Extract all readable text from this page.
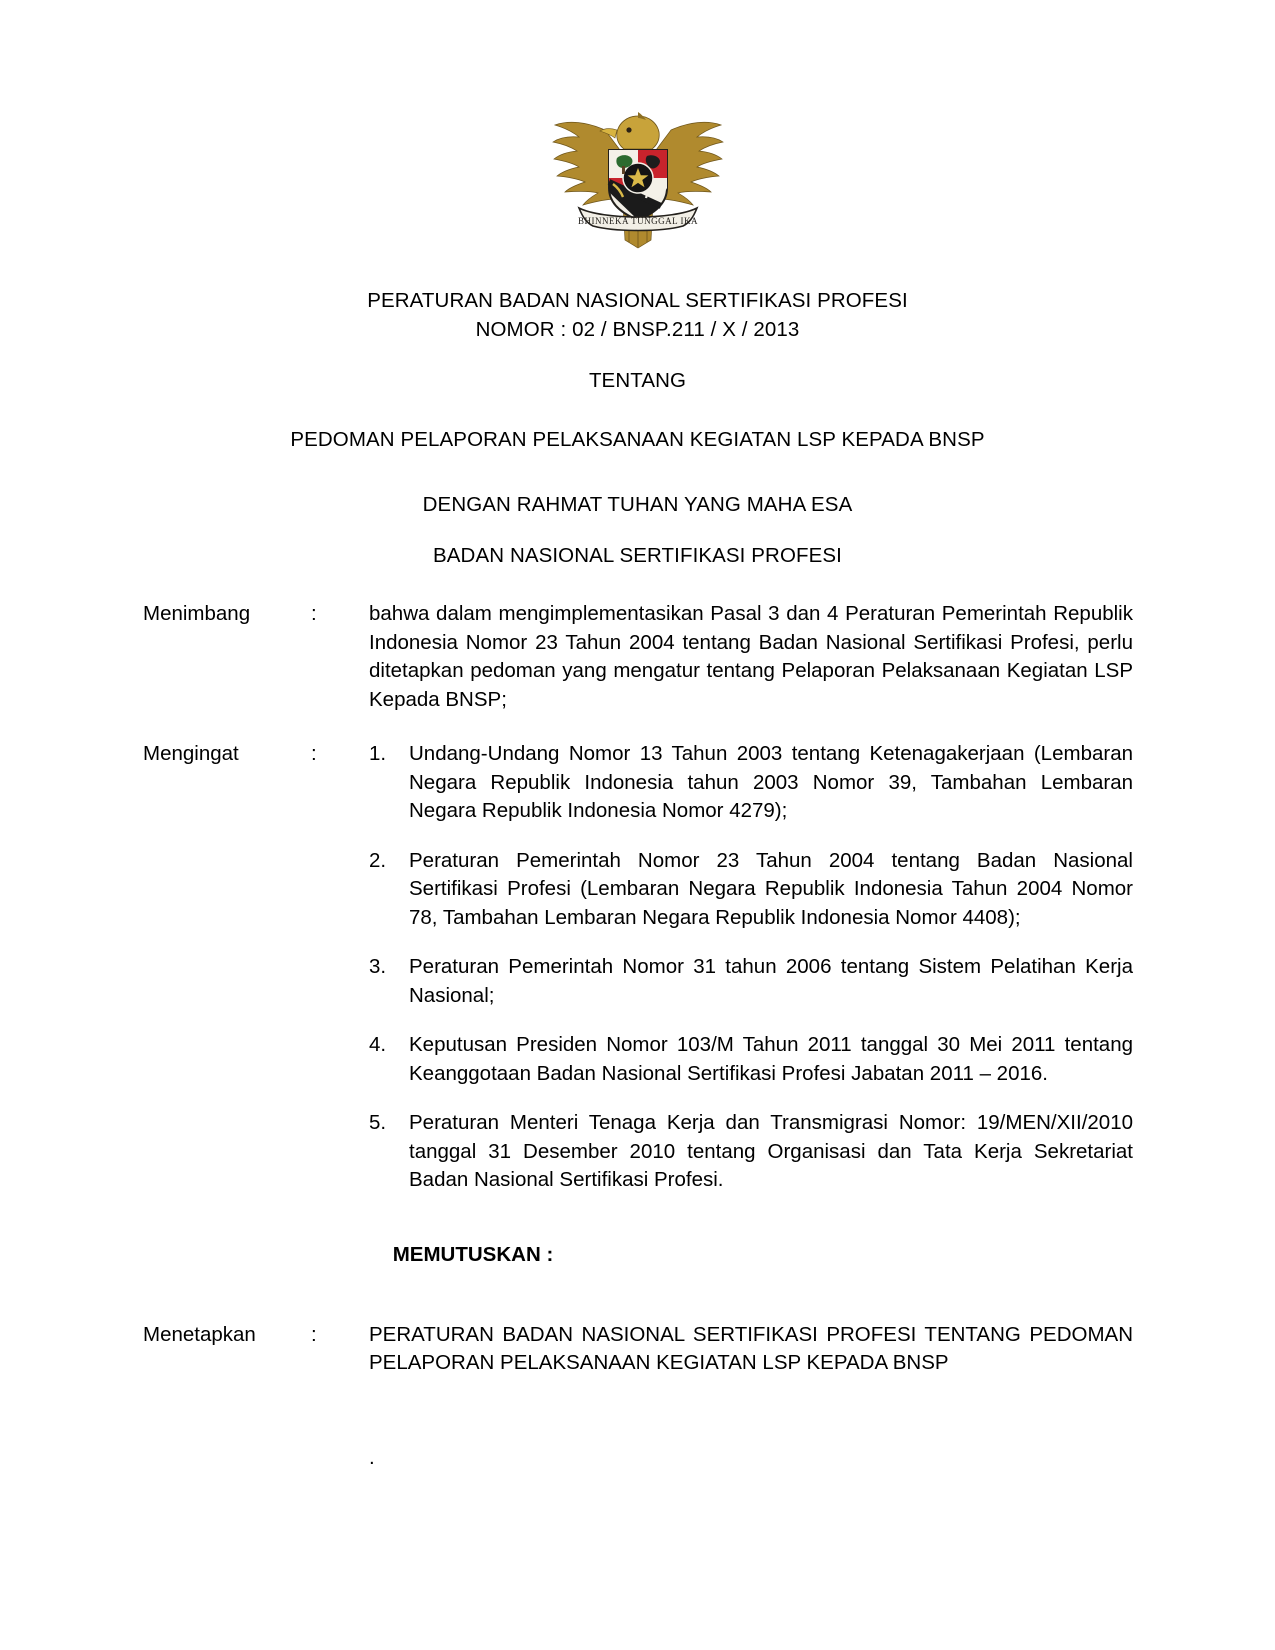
BHINNEKA TUNGGAL IKA
PERATURAN BADAN NASIONAL SERTIFIKASI PROFESI
NOMOR : 02 / BNSP.211 / X / 2013
TENTANG
PEDOMAN PELAPORAN PELAKSANAAN KEGIATAN LSP KEPADA BNSP
DENGAN RAHMAT TUHAN YANG MAHA ESA
BADAN NASIONAL SERTIFIKASI PROFESI
Menimbang	:	bahwa dalam mengimplementasikan Pasal 3 dan 4 Peraturan Pemerintah Republik Indonesia Nomor 23 Tahun 2004 tentang Badan Nasional Sertifikasi Profesi, perlu ditetapkan pedoman yang mengatur tentang Pelaporan Pelaksanaan Kegiatan LSP Kepada BNSP;
Mengingat	:	1.	Undang-Undang Nomor 13 Tahun 2003 tentang Ketenagakerjaan (Lembaran Negara Republik Indonesia tahun 2003 Nomor 39, Tambahan Lembaran Negara Republik Indonesia Nomor 4279);
2.	Peraturan Pemerintah Nomor 23 Tahun 2004 tentang Badan Nasional Sertifikasi Profesi (Lembaran Negara Republik Indonesia Tahun 2004 Nomor 78, Tambahan Lembaran Negara Republik Indonesia Nomor 4408);
3.	Peraturan Pemerintah Nomor 31 tahun 2006 tentang Sistem Pelatihan Kerja Nasional;
4.	Keputusan Presiden Nomor 103/M Tahun 2011 tanggal 30 Mei 2011 tentang Keanggotaan Badan Nasional Sertifikasi Profesi Jabatan 2011 – 2016.
5.	Peraturan Menteri Tenaga Kerja dan Transmigrasi Nomor: 19/MEN/XII/2010 tanggal 31 Desember 2010 tentang Organisasi dan Tata Kerja Sekretariat Badan Nasional Sertifikasi Profesi.
MEMUTUSKAN :
Menetapkan	:	PERATURAN BADAN NASIONAL SERTIFIKASI PROFESI TENTANG PEDOMAN PELAPORAN PELAKSANAAN KEGIATAN LSP KEPADA BNSP
.
